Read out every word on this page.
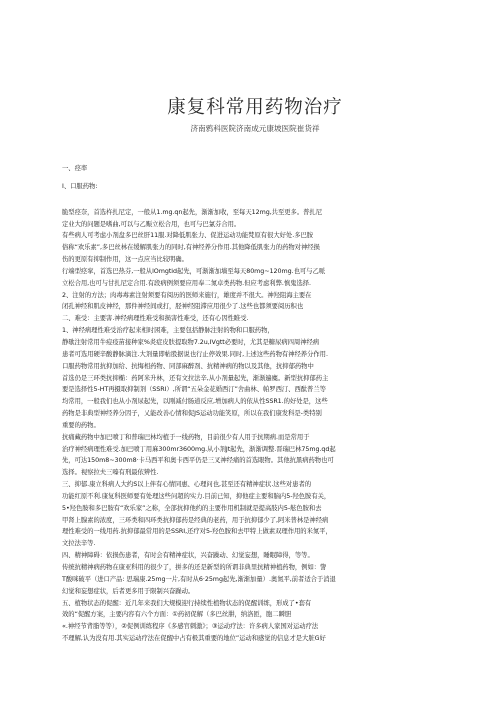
康复科常用药物治疗
济南鸦科医院济南成元康坡医院崔货祥
一、痉率
I、口服药物:
脆型痉奈，首选杵扎尼定，一般从1.mg.qn起先，渐渐加收，至每天12mg,共至更多。普扎尼
定业大的问题是嗜曲,可以与乙赈立松合用，也可与巴氯芬合用。
有些病人可考虑小剂盘多巴丝肝11服.对降低肌张力、促进运动功能梵原有很大好处.多巴胺
俗称“欢乐素”,多巴丝林在缓解肌张力的同时,有神经养分作用.其他降低肌张力的药物对神经损
伤的更原有抑制作用，这一点应当比较明确。
行端型痉挛，首选巴热芬,一般从lOmgtid起先，可渐渐加墙至每天80mg~120mg.也可与乙哌
立松合用,也可与甘扎尼定合用.有段病例须要应用奉二氮卓类药物.但应考虑利弊.慎鬼选择.
2、注射的方法；肉毒毒素注射须要有阅历的医师来施行，雄度并不很大。神羟阻海主要在
闭孔神经和肌皮神经，那件神经间或打，胫神经阻滞应用很少了.这些也都须要阅历积也
二、难受：主要害.神经病理性难受和损害性难受，还有心因性睢受.
1、神经病理性难受治疗起来相时困难，主要包括静脉注射的物和口服药物，
静歇注射常用牛痘疫苗接种家%炎症皮肤提取物7.2u,IVgtt必要时，尤其是糖尿病四周神经病
患者可选用硬辛酸静脉滴注.大剂量即帖股据说也行止停效果.同时,上述这些药物有神经养分作用.
口服药物常用抗抑加给、抗悔相药物、同部麻醉剂、抗精神病的物以及其他，抗抑郁药物中
首选仍是三环类抗抑椭：药阿米升林，还有文拉法辛,从小剂量起先，渐渐遍麋。新型抗抑郁药主
要是选择性5-HT再摄取抑制剂（SSRI）,所谓“五朵金花婚西汀”舍曲林、帕罗西汀、西酞普兰等
均常用，一般我们也从小剂尿起先，以刚减付肠道反应,增加病人的依从性SSR1.的好处是，这些
药物是非典型神经养分因子，乂能改善心情和促JS运动功能笑原，所以在我们康发科是-类特别
重要的药物。
抗痛藏药物中加巴喷丁和普瑞巴林均植于一线药物，目前很少有人用于抗期病.而是常用于
治疗神经病理性难受.加巴喷丁用麻300mr3600mg.从小剂Jt起先，渐渐调整.晋瑞巴林75mg.qd起
先，可达150m8~300m8·卡马西平和奥卡西平仍是三叉神经痛的首选眼物。其他抗黑病药物也可
选择。视察拉夫三嗪有刑最依辨性.
三、抑郁.康立科病人大约S以上伴有心情同惠、心理问也,甚至还有精神症状.这些对患者的
功能红原不利.康复科医师要有处理这些问超的实力.目前已知，抑他症主要和脑内5-羟色胺有关，
5•羟色胺和多巴胺有“欢乐家”之称，全部抗抑他约的主要作用机制就是提高肢内5-舷色胺和去
甲肾上腺素的浓度，三环类和四环类抗抑郁药是经典的老药，用于抗抑郁少了,阿米普林是神经病
理性难受的一线用药.抗抑郁最常用的是SSRI,还疗对5-羟色胺和去甲特上做素双理作用的米氮平，
文拉法辛等.
四、精神障碍：依损伤患者，有时会有精神症状，兴奋躁动、幻觉妄想，睡眠障得，等等。
传统抗精神病药物在康亚科用的很少了，拼多的还是新型的所谓非典里抗精神植药物，例如：訾
T酸咪破平（进口产品: 思瑞康.25mg一片,有时从6·25mg起先,渐渐加量）.奥氮平,前者适合于消退
幻觉和妄想症状，后者更多用于限制兴奋躁动。
五、植物状态的促醒：近几年来我们大规模迎行持续性植物状态的促醒训练，形成了•套有
效的“促醒方案，主要内容有六个方面：①药初促解（多巴丝肼，纳洛匝，胞二瞬胆
«.神经节背脂等等），②促例训练程序《多感官刺激》；③运动疗法：许多病人家国对运动疗法
不理解,认为没有用.其实运动疗法在促醒中占有极其重要的地位”运动和感觉的信息才是大脏G好
